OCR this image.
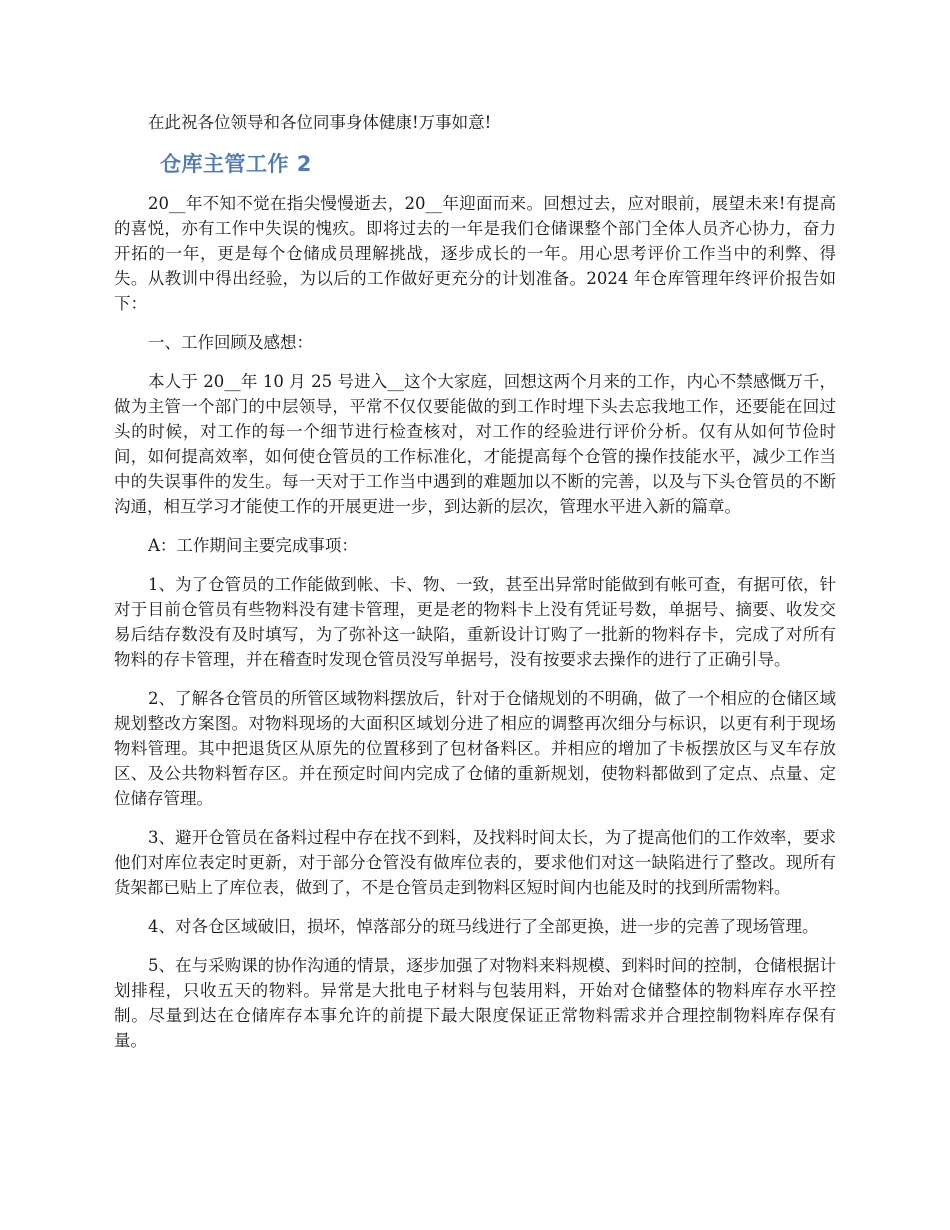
在此祝各位领导和各位同事身体健康!万事如意!

仓库主管工作 2

20__年不知不觉在指尖慢慢逝去，20__年迎面而来。回想过去，应对眼前，展望未来!有提高的喜悦，亦有工作中失误的愧疚。即将过去的一年是我们仓储课整个部门全体人员齐心协力，奋力开拓的一年，更是每个仓储成员理解挑战，逐步成长的一年。用心思考评价工作当中的利弊、得失。从教训中得出经验，为以后的工作做好更充分的计划准备。2024 年仓库管理年终评价报告如下：

一、工作回顾及感想：

本人于 20__年 10 月 25 号进入__这个大家庭，回想这两个月来的工作，内心不禁感慨万千，做为主管一个部门的中层领导，平常不仅仅要能做的到工作时埋下头去忘我地工作，还要能在回过头的时候，对工作的每一个细节进行检查核对，对工作的经验进行评价分析。仅有从如何节俭时间，如何提高效率，如何使仓管员的工作标准化，才能提高每个仓管的操作技能水平，减少工作当中的失误事件的发生。每一天对于工作当中遇到的难题加以不断的完善，以及与下头仓管员的不断沟通，相互学习才能使工作的开展更进一步，到达新的层次，管理水平进入新的篇章。

A：工作期间主要完成事项：

1、为了仓管员的工作能做到帐、卡、物、一致，甚至出异常时能做到有帐可查，有据可依，针对于目前仓管员有些物料没有建卡管理，更是老的物料卡上没有凭证号数，单据号、摘要、收发交易后结存数没有及时填写，为了弥补这一缺陷，重新设计订购了一批新的物料存卡，完成了对所有物料的存卡管理，并在稽查时发现仓管员没写单据号，没有按要求去操作的进行了正确引导。

2、了解各仓管员的所管区域物料摆放后，针对于仓储规划的不明确，做了一个相应的仓储区域规划整改方案图。对物料现场的大面积区域划分进了相应的调整再次细分与标识，以更有利于现场物料管理。其中把退货区从原先的位置移到了包材备料区。并相应的增加了卡板摆放区与叉车存放区、及公共物料暂存区。并在预定时间内完成了仓储的重新规划，使物料都做到了定点、点量、定位储存管理。

3、避开仓管员在备料过程中存在找不到料，及找料时间太长，为了提高他们的工作效率，要求他们对库位表定时更新，对于部分仓管没有做库位表的，要求他们对这一缺陷进行了整改。现所有货架都已贴上了库位表，做到了，不是仓管员走到物料区短时间内也能及时的找到所需物料。

4、对各仓区域破旧，损坏，悼落部分的斑马线进行了全部更换，进一步的完善了现场管理。

5、在与采购课的协作沟通的情景，逐步加强了对物料来料规模、到料时间的控制，仓储根据计划排程，只收五天的物料。异常是大批电子材料与包装用料，开始对仓储整体的物料库存水平控制。尽量到达在仓储库存本事允许的前提下最大限度保证正常物料需求并合理控制物料库存保有量。
